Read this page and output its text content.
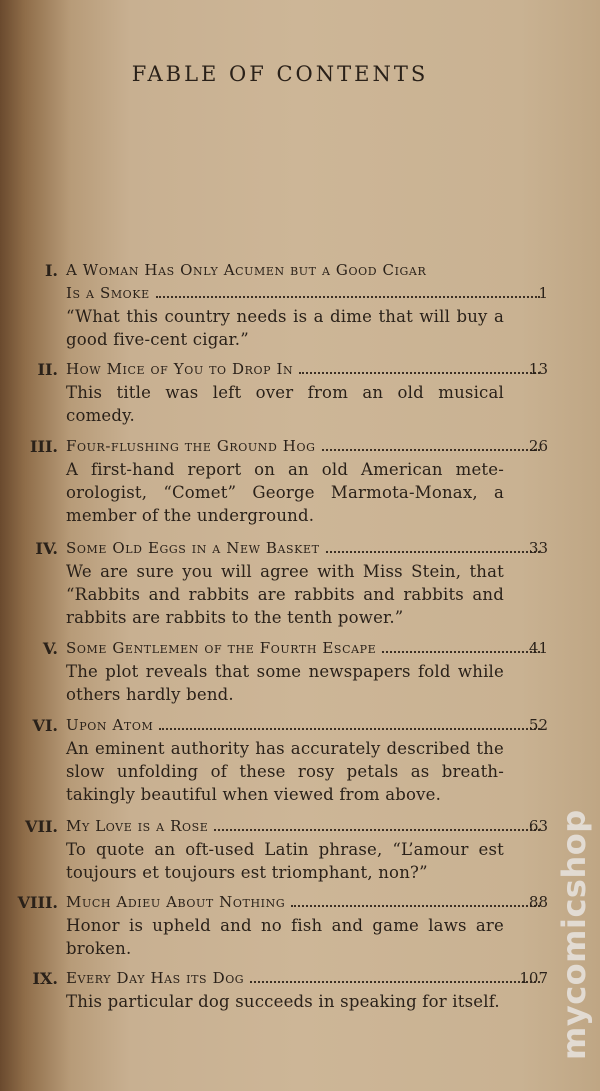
FABLE OF CONTENTS
I. A Woman Has Only Acumen but a Good Cigar
Is a Smoke	1
“What this country needs is a dime that will buy a good five-cent cigar.”
II. How Mice of You to Drop In	13
This title was left over from an old musical comedy.
III. Four-flushing the Ground Hog	26
A first-hand report on an old American mete-orologist, “Comet” George Marmota-Monax, a member of the underground.
IV. Some Old Eggs in a New Basket	33
We are sure you will agree with Miss Stein, that “Rabbits and rabbits are rabbits and rabbits and rabbits are rabbits to the tenth power.”
V. Some Gentlemen of the Fourth Escape	41
The plot reveals that some newspapers fold while others hardly bend.
VI. Upon Atom	52
An eminent authority has accurately described the slow unfolding of these rosy petals as breath-takingly beautiful when viewed from above.
VII. My Love is a Rose	63
To quote an oft-used Latin phrase, “L’amour est toujours et toujours est triomphant, non?”
VIII. Much Adieu About Nothing	88
Honor is upheld and no fish and game laws are broken.
IX. Every Day Has its Dog	107
This particular dog succeeds in speaking for itself. mycomicshop
